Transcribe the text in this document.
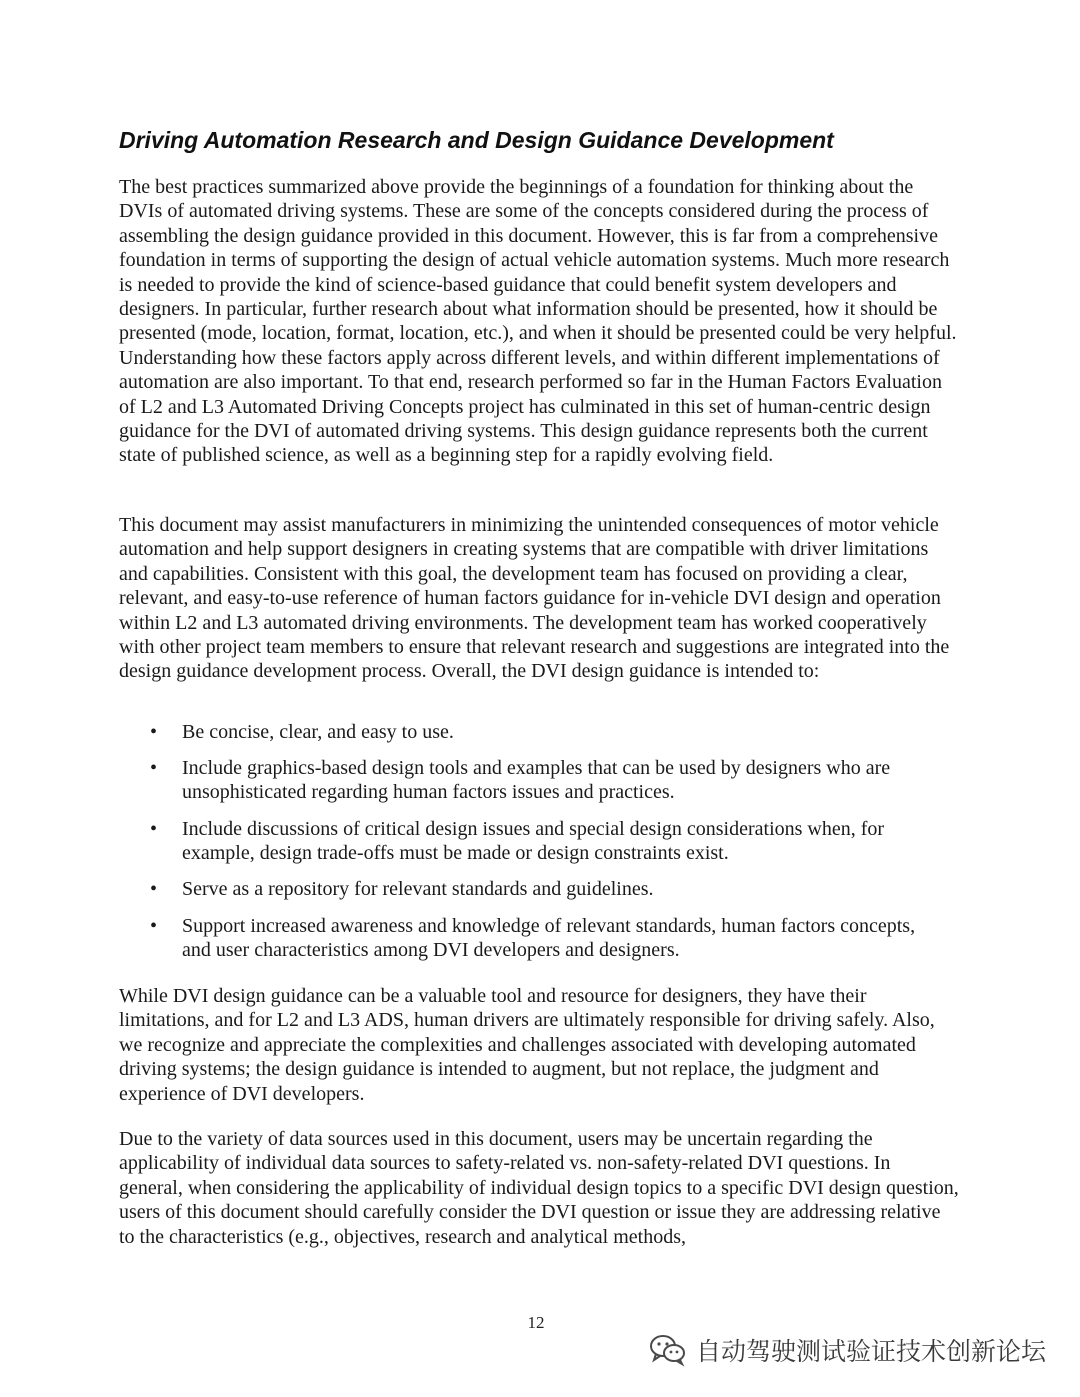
Driving Automation Research and Design Guidance Development

The best practices summarized above provide the beginnings of a foundation for thinking about the DVIs of automated driving systems. These are some of the concepts considered during the process of assembling the design guidance provided in this document. However, this is far from a comprehensive foundation in terms of supporting the design of actual vehicle automation systems. Much more research is needed to provide the kind of science-based guidance that could benefit system developers and designers. In particular, further research about what information should be presented, how it should be presented (mode, location, format, location, etc.), and when it should be presented could be very helpful. Understanding how these factors apply across different levels, and within different implementations of automation are also important. To that end, research performed so far in the Human Factors Evaluation of L2 and L3 Automated Driving Concepts project has culminated in this set of human-centric design guidance for the DVI of automated driving systems. This design guidance represents both the current state of published science, as well as a beginning step for a rapidly evolving field.

This document may assist manufacturers in minimizing the unintended consequences of motor vehicle automation and help support designers in creating systems that are compatible with driver limitations and capabilities. Consistent with this goal, the development team has focused on providing a clear, relevant, and easy-to-use reference of human factors guidance for in-vehicle DVI design and operation within L2 and L3 automated driving environments. The development team has worked cooperatively with other project team members to ensure that relevant research and suggestions are integrated into the design guidance development process. Overall, the DVI design guidance is intended to:

• Be concise, clear, and easy to use.
• Include graphics-based design tools and examples that can be used by designers who are unsophisticated regarding human factors issues and practices.
• Include discussions of critical design issues and special design considerations when, for example, design trade-offs must be made or design constraints exist.
• Serve as a repository for relevant standards and guidelines.
• Support increased awareness and knowledge of relevant standards, human factors concepts, and user characteristics among DVI developers and designers.

While DVI design guidance can be a valuable tool and resource for designers, they have their limitations, and for L2 and L3 ADS, human drivers are ultimately responsible for driving safely. Also, we recognize and appreciate the complexities and challenges associated with developing automated driving systems; the design guidance is intended to augment, but not replace, the judgment and experience of DVI developers.

Due to the variety of data sources used in this document, users may be uncertain regarding the applicability of individual data sources to safety-related vs. non-safety-related DVI questions. In general, when considering the applicability of individual design topics to a specific DVI design question, users of this document should carefully consider the DVI question or issue they are addressing relative to the characteristics (e.g., objectives, research and analytical methods,

12
自动驾驶测试验证技术创新论坛
